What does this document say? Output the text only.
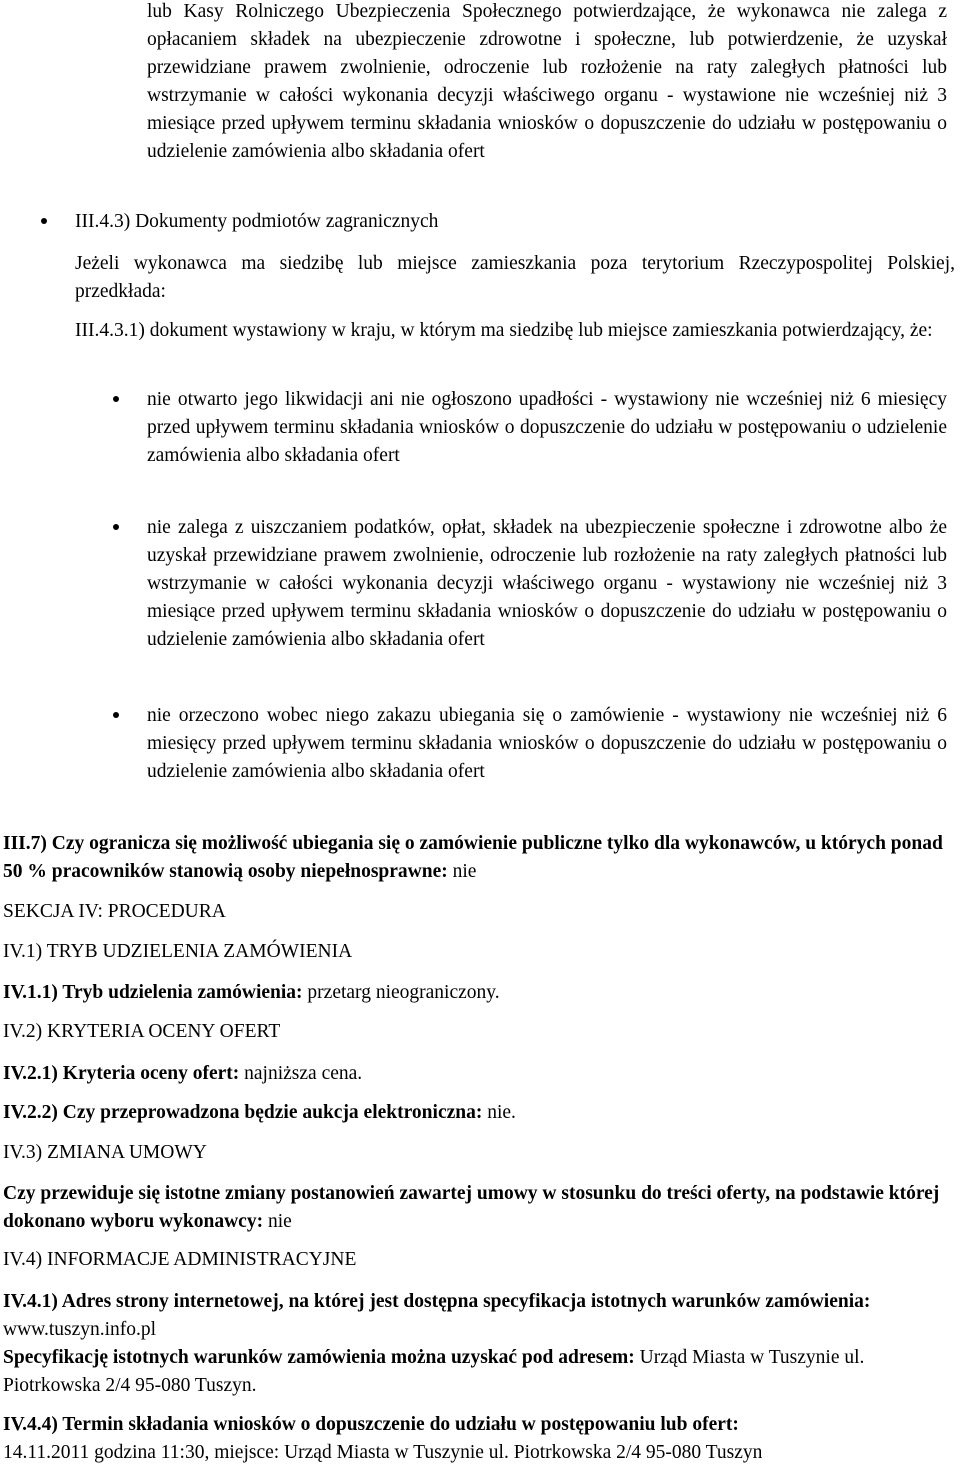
lub Kasy Rolniczego Ubezpieczenia Społecznego potwierdzające, że wykonawca nie zalega z opłacaniem składek na ubezpieczenie zdrowotne i społeczne, lub potwierdzenie, że uzyskał przewidziane prawem zwolnienie, odroczenie lub rozłożenie na raty zaległych płatności lub wstrzymanie w całości wykonania decyzji właściwego organu - wystawione nie wcześniej niż 3 miesiące przed upływem terminu składania wniosków o dopuszczenie do udziału w postępowaniu o udzielenie zamówienia albo składania ofert

III.4.3) Dokumenty podmiotów zagranicznych

Jeżeli wykonawca ma siedzibę lub miejsce zamieszkania poza terytorium Rzeczypospolitej Polskiej, przedkłada:

III.4.3.1) dokument wystawiony w kraju, w którym ma siedzibę lub miejsce zamieszkania potwierdzający, że:

nie otwarto jego likwidacji ani nie ogłoszono upadłości - wystawiony nie wcześniej niż 6 miesięcy przed upływem terminu składania wniosków o dopuszczenie do udziału w postępowaniu o udzielenie zamówienia albo składania ofert

nie zalega z uiszczaniem podatków, opłat, składek na ubezpieczenie społeczne i zdrowotne albo że uzyskał przewidziane prawem zwolnienie, odroczenie lub rozłożenie na raty zaległych płatności lub wstrzymanie w całości wykonania decyzji właściwego organu - wystawiony nie wcześniej niż 3 miesiące przed upływem terminu składania wniosków o dopuszczenie do udziału w postępowaniu o udzielenie zamówienia albo składania ofert

nie orzeczono wobec niego zakazu ubiegania się o zamówienie - wystawiony nie wcześniej niż 6 miesięcy przed upływem terminu składania wniosków o dopuszczenie do udziału w postępowaniu o udzielenie zamówienia albo składania ofert

III.7) Czy ogranicza się możliwość ubiegania się o zamówienie publiczne tylko dla wykonawców, u których ponad 50 % pracowników stanowią osoby niepełnosprawne: nie

SEKCJA IV: PROCEDURA

IV.1) TRYB UDZIELENIA ZAMÓWIENIA

IV.1.1) Tryb udzielenia zamówienia: przetarg nieograniczony.

IV.2) KRYTERIA OCENY OFERT

IV.2.1) Kryteria oceny ofert: najniższa cena.

IV.2.2) Czy przeprowadzona będzie aukcja elektroniczna: nie.

IV.3) ZMIANA UMOWY

Czy przewiduje się istotne zmiany postanowień zawartej umowy w stosunku do treści oferty, na podstawie której dokonano wyboru wykonawcy: nie

IV.4) INFORMACJE ADMINISTRACYJNE

IV.4.1) Adres strony internetowej, na której jest dostępna specyfikacja istotnych warunków zamówienia: www.tuszyn.info.pl

Specyfikację istotnych warunków zamówienia można uzyskać pod adresem: Urząd Miasta w Tuszynie ul. Piotrkowska 2/4 95-080 Tuszyn.

IV.4.4) Termin składania wniosków o dopuszczenie do udziału w postępowaniu lub ofert:
14.11.2011 godzina 11:30, miejsce: Urząd Miasta w Tuszynie ul. Piotrkowska 2/4 95-080 Tuszyn
